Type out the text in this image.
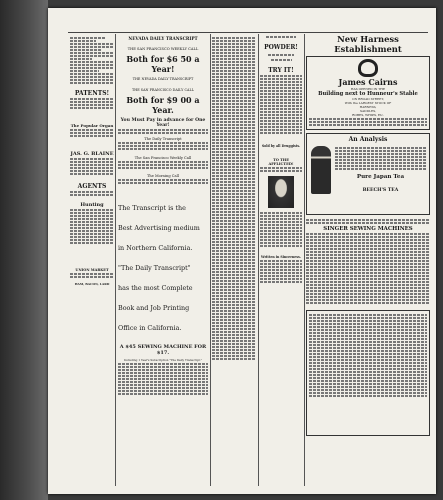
PATENTS!
The Popular Organ
JAS. G. BLAINE
AGENTS
Hunting
UNION MARKET
HAM, BACON, LARD
NEVADA DAILY TRANSCRIPT
THE SAN FRANCISCO WEEKLY CALL
Both for $6 50 a Year!
THE NEVADA DAILY TRANSCRIPT
THE SAN FRANCISCO DAILY CALL
Both for $9 00 a Year.
You Must Pay in advance for One Year!
The Daily Transcript
The San Francisco Weekly Call
The Morning Call
The Transcript is the
Best Advertising medium
in Northern California.
"The Daily Transcript"
has the most Complete
Book and Job Printing
Office in California.
A $45 SEWING MACHINE FOR $17.
Including 1 Year's Subscription "The Daily Transcript."
POWDER!
TRY IT!
Sold by all Druggists.
TO THE AFFLICTED!
Written in Sincerness.
New Harness Establishment
James Cairns
HAS OPENED IN THE
Building next to Hunneur's Stable
ON BROAD STREET,
With the LARGEST STOCK OF
HARNESS,
SADDLES,
ROBES, WHIPS, Etc.
An Analysis
Pure Japan Tea
BEECH'S TEA
SINGER SEWING MACHINES
